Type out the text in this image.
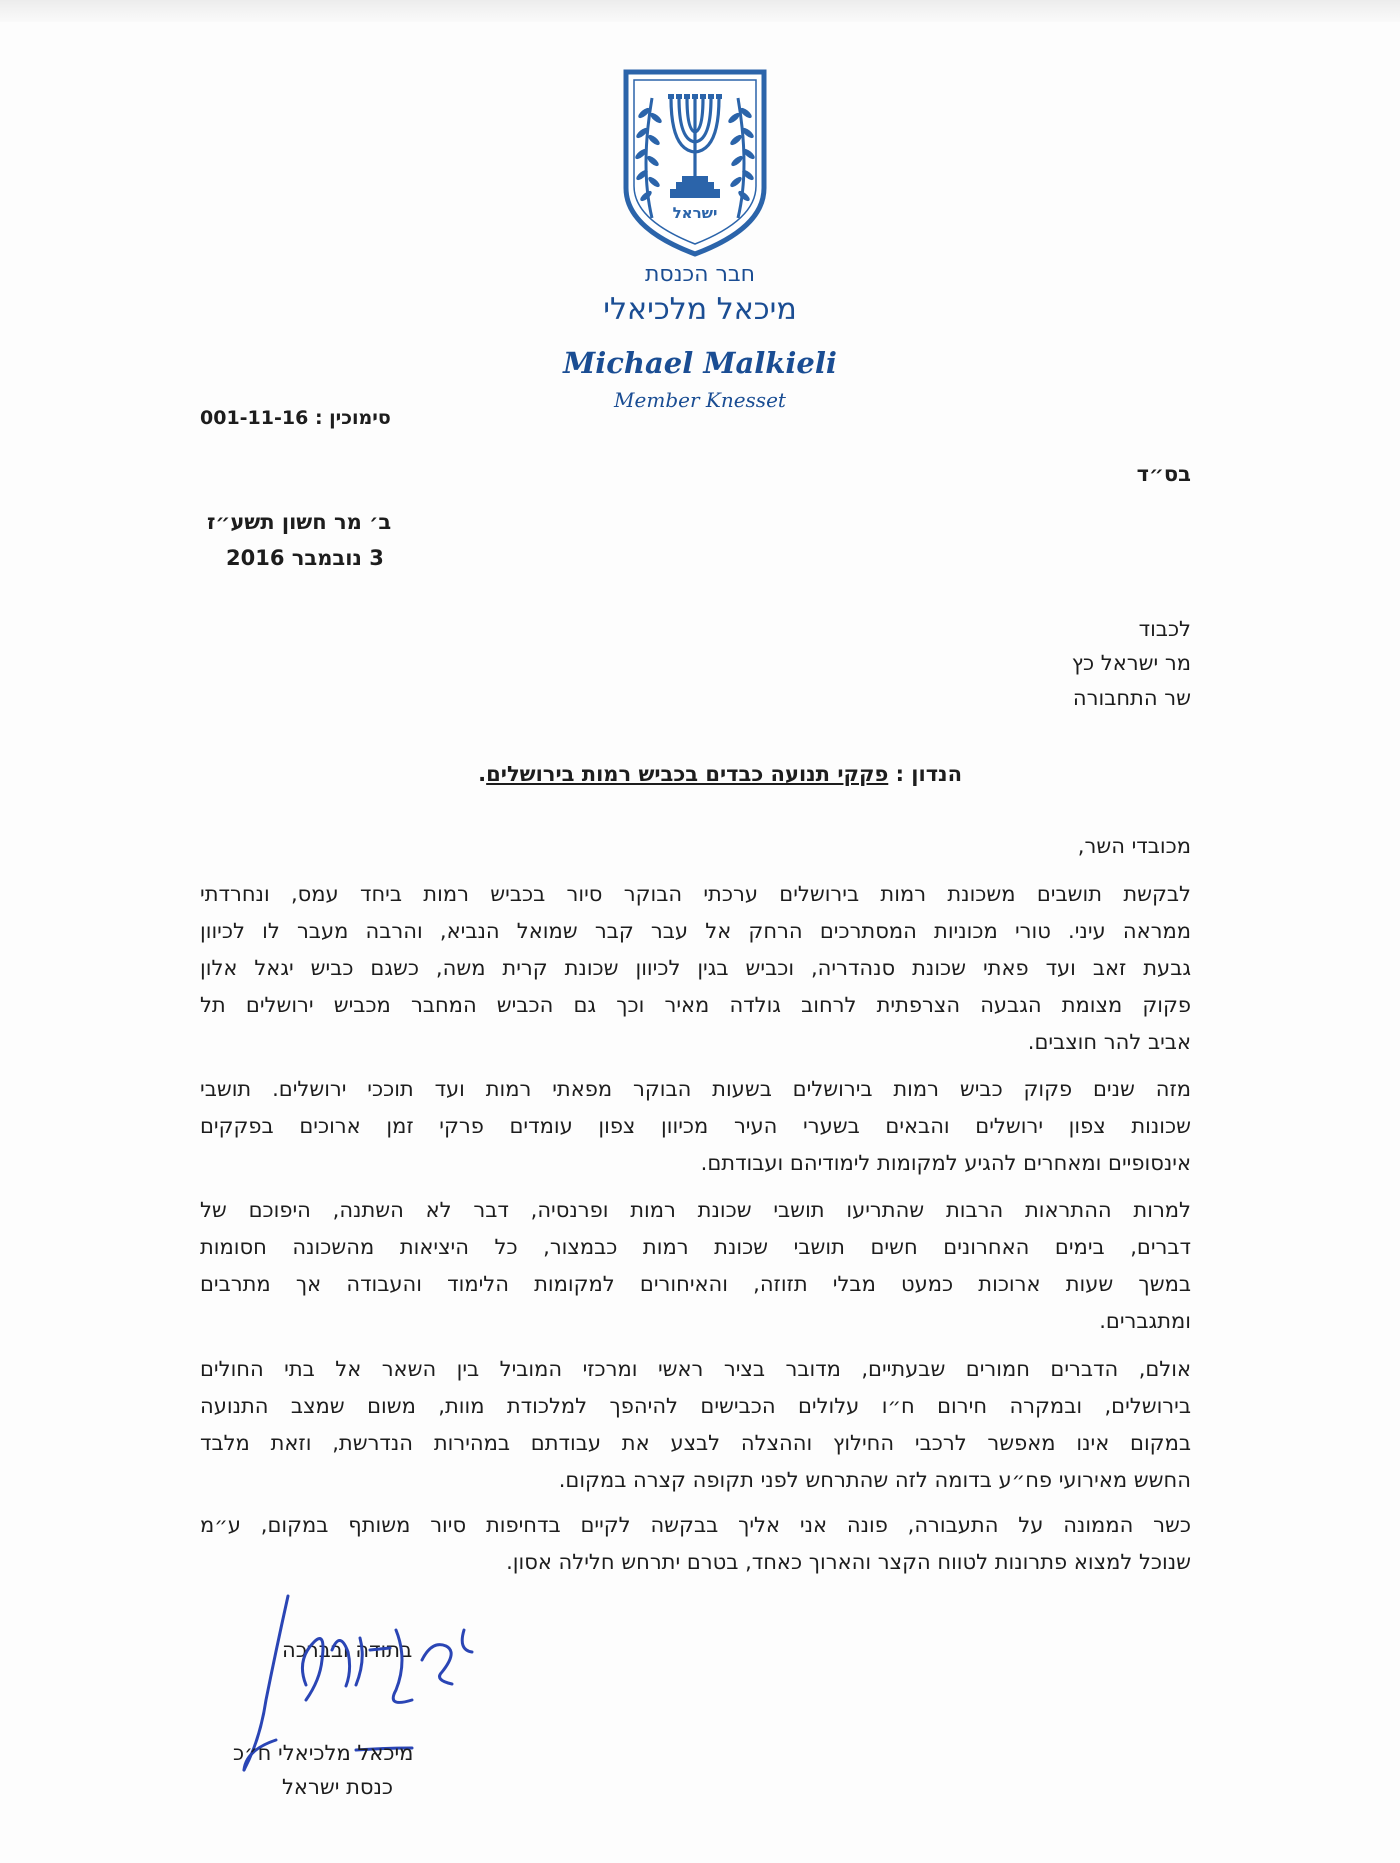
ישראל
חבר הכנסת
מיכאל מלכיאלי
Michael Malkieli
Member Knesset
סימוכין : 001-11-16
בס״ד
ב׳ מר חשון תשע״ז
3 נובמבר 2016
לכבוד
מר ישראל כץ
שר התחבורה
הנדון : פקקי תנועה כבדים בכביש רמות בירושלים.
מכובדי השר,
לבקשת תושבים משכונת רמות בירושלים ערכתי הבוקר סיור בכביש רמות ביחד עמס, ונחרדתי
ממראה עיני. טורי מכוניות המסתרכים הרחק אל עבר קבר שמואל הנביא, והרבה מעבר לו לכיוון
גבעת זאב ועד פאתי שכונת סנהדריה, וכביש בגין לכיוון שכונת קרית משה, כשגם כביש יגאל אלון
פקוק מצומת הגבעה הצרפתית לרחוב גולדה מאיר וכך גם הכביש המחבר מכביש ירושלים תל
אביב להר חוצבים.
מזה שנים פקוק כביש רמות בירושלים בשעות הבוקר מפאתי רמות ועד תוככי ירושלים. תושבי
שכונות צפון ירושלים והבאים בשערי העיר מכיוון צפון עומדים פרקי זמן ארוכים בפקקים
אינסופיים ומאחרים להגיע למקומות לימודיהם ועבודתם.
למרות ההתראות הרבות שהתריעו תושבי שכונת רמות ופרנסיה, דבר לא השתנה, היפוכם של
דברים, בימים האחרונים חשים תושבי שכונת רמות כבמצור, כל היציאות מהשכונה חסומות
במשך שעות ארוכות כמעט מבלי תזוזה, והאיחורים למקומות הלימוד והעבודה אך מתרבים
ומתגברים.
אולם, הדברים חמורים שבעתיים, מדובר בציר ראשי ומרכזי המוביל בין השאר אל בתי החולים
בירושלים, ובמקרה חירום ח״ו עלולים הכבישים להיהפך למלכודת מוות, משום שמצב התנועה
במקום אינו מאפשר לרכבי החילוץ וההצלה לבצע את עבודתם במהירות הנדרשת, וזאת מלבד
החשש מאירועי פח״ע בדומה לזה שהתרחש לפני תקופה קצרה במקום.
כשר הממונה על התעבורה, פונה אני אליך בבקשה לקיים בדחיפות סיור משותף במקום, ע״מ
שנוכל למצוא פתרונות לטווח הקצר והארוך כאחד, בטרם יתרחש חלילה אסון.
בתודה ובברכה
מיכאל מלכיאלי ח״כ
כנסת ישראל
